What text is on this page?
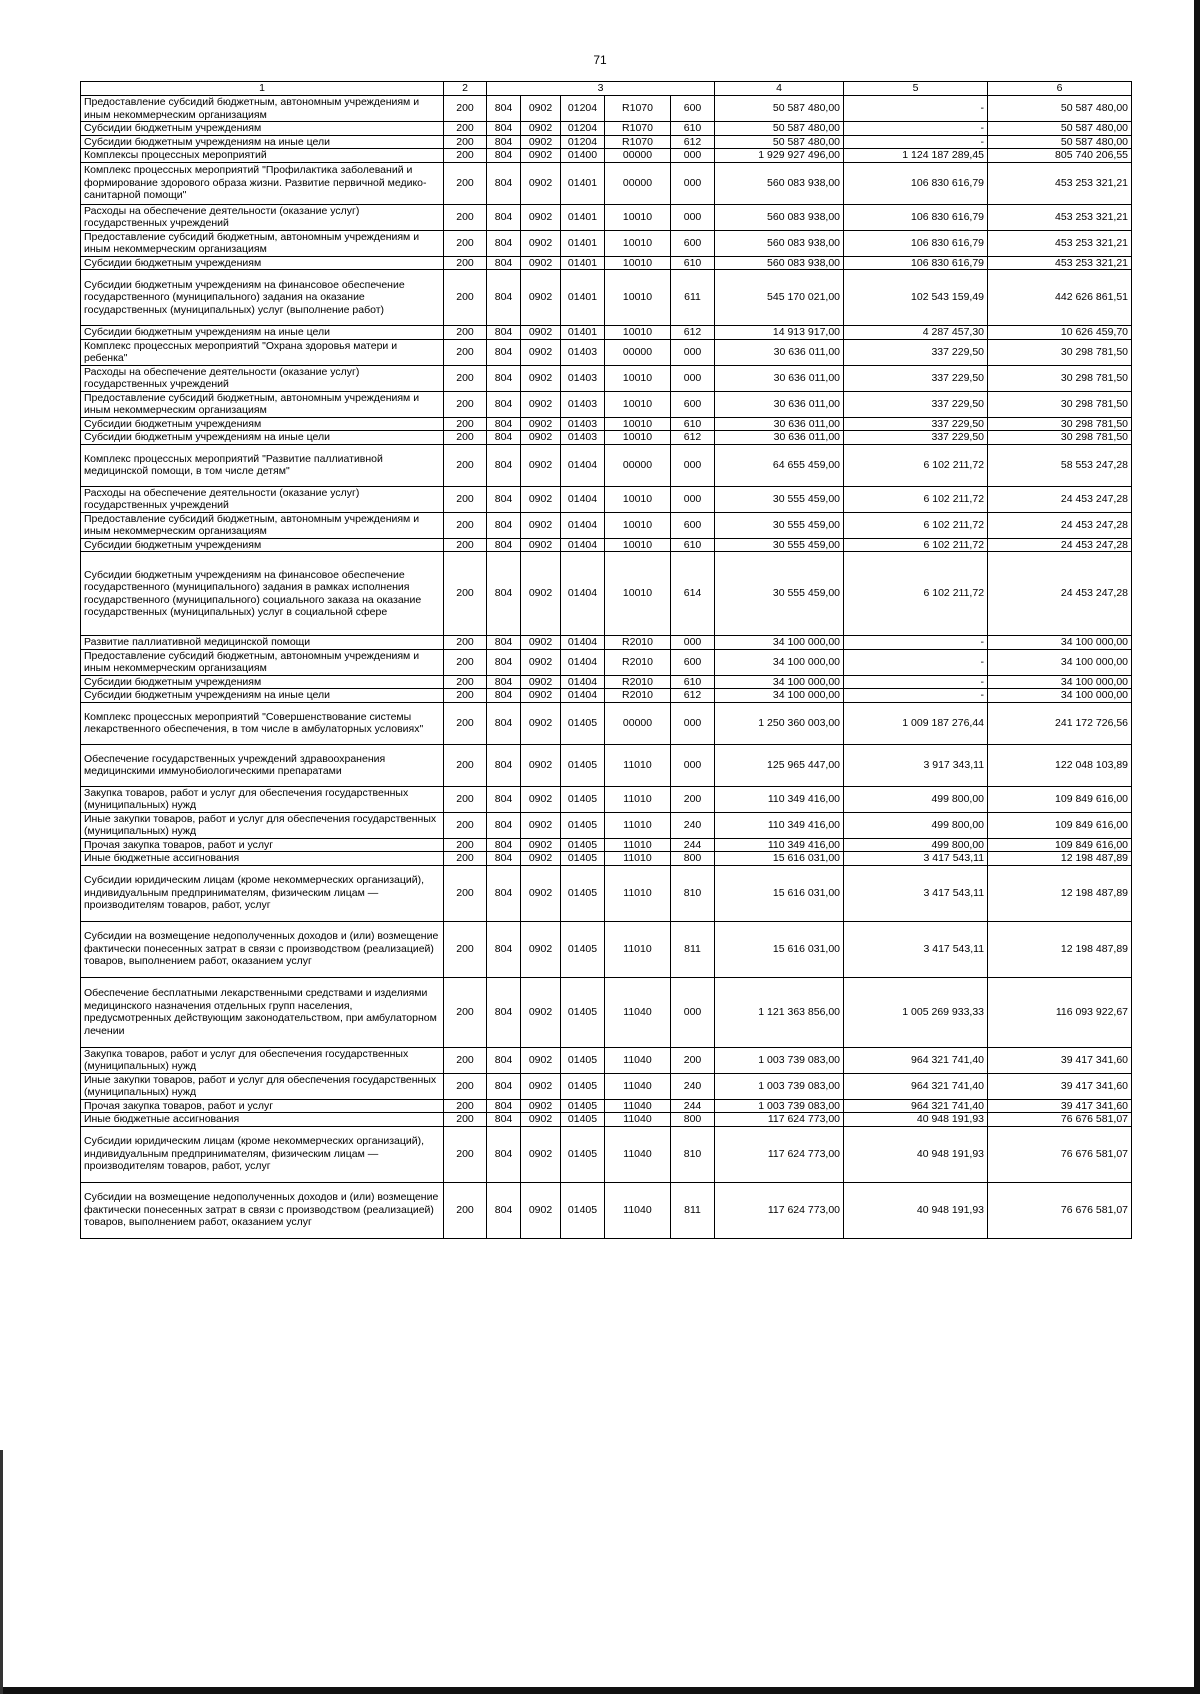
71
1	2	3					4	5	6
Предоставление субсидий бюджетным, автономным учреждениям и иным некоммерческим организациям	200	804	0902	01204	R1070	600	50 587 480,00	-	50 587 480,00
Субсидии бюджетным учреждениям	200	804	0902	01204	R1070	610	50 587 480,00	-	50 587 480,00
Субсидии бюджетным учреждениям на иные цели	200	804	0902	01204	R1070	612	50 587 480,00	-	50 587 480,00
Комплексы процессных мероприятий	200	804	0902	01400	00000	000	1 929 927 496,00	1 124 187 289,45	805 740 206,55
Комплекс процессных мероприятий "Профилактика заболеваний и формирование здорового образа жизни. Развитие первичной медико-санитарной помощи"	200	804	0902	01401	00000	000	560 083 938,00	106 830 616,79	453 253 321,21
Расходы на обеспечение деятельности (оказание услуг) государственных учреждений	200	804	0902	01401	10010	000	560 083 938,00	106 830 616,79	453 253 321,21
Предоставление субсидий бюджетным, автономным учреждениям и иным некоммерческим организациям	200	804	0902	01401	10010	600	560 083 938,00	106 830 616,79	453 253 321,21
Субсидии бюджетным учреждениям	200	804	0902	01401	10010	610	560 083 938,00	106 830 616,79	453 253 321,21
Субсидии бюджетным учреждениям на финансовое обеспечение государственного (муниципального) задания на оказание государственных (муниципальных) услуг (выполнение работ)	200	804	0902	01401	10010	611	545 170 021,00	102 543 159,49	442 626 861,51
Субсидии бюджетным учреждениям на иные цели	200	804	0902	01401	10010	612	14 913 917,00	4 287 457,30	10 626 459,70
Комплекс процессных мероприятий "Охрана здоровья матери и ребенка"	200	804	0902	01403	00000	000	30 636 011,00	337 229,50	30 298 781,50
Расходы на обеспечение деятельности (оказание услуг) государственных учреждений	200	804	0902	01403	10010	000	30 636 011,00	337 229,50	30 298 781,50
Предоставление субсидий бюджетным, автономным учреждениям и иным некоммерческим организациям	200	804	0902	01403	10010	600	30 636 011,00	337 229,50	30 298 781,50
Субсидии бюджетным учреждениям	200	804	0902	01403	10010	610	30 636 011,00	337 229,50	30 298 781,50
Субсидии бюджетным учреждениям на иные цели	200	804	0902	01403	10010	612	30 636 011,00	337 229,50	30 298 781,50
Комплекс процессных мероприятий "Развитие паллиативной медицинской помощи, в том числе детям"	200	804	0902	01404	00000	000	64 655 459,00	6 102 211,72	58 553 247,28
Расходы на обеспечение деятельности (оказание услуг) государственных учреждений	200	804	0902	01404	10010	000	30 555 459,00	6 102 211,72	24 453 247,28
Предоставление субсидий бюджетным, автономным учреждениям и иным некоммерческим организациям	200	804	0902	01404	10010	600	30 555 459,00	6 102 211,72	24 453 247,28
Субсидии бюджетным учреждениям	200	804	0902	01404	10010	610	30 555 459,00	6 102 211,72	24 453 247,28
Субсидии бюджетным учреждениям на финансовое обеспечение государственного (муниципального) задания в рамках исполнения государственного (муниципального) социального заказа на оказание государственных (муниципальных) услуг в социальной сфере	200	804	0902	01404	10010	614	30 555 459,00	6 102 211,72	24 453 247,28
Развитие паллиативной медицинской помощи	200	804	0902	01404	R2010	000	34 100 000,00	-	34 100 000,00
Предоставление субсидий бюджетным, автономным учреждениям и иным некоммерческим организациям	200	804	0902	01404	R2010	600	34 100 000,00	-	34 100 000,00
Субсидии бюджетным учреждениям	200	804	0902	01404	R2010	610	34 100 000,00	-	34 100 000,00
Субсидии бюджетным учреждениям на иные цели	200	804	0902	01404	R2010	612	34 100 000,00	-	34 100 000,00
Комплекс процессных мероприятий "Совершенствование системы лекарственного обеспечения, в том числе в амбулаторных условиях"	200	804	0902	01405	00000	000	1 250 360 003,00	1 009 187 276,44	241 172 726,56
Обеспечение государственных учреждений здравоохранения медицинскими иммунобиологическими препаратами	200	804	0902	01405	11010	000	125 965 447,00	3 917 343,11	122 048 103,89
Закупка товаров, работ и услуг для обеспечения государственных (муниципальных) нужд	200	804	0902	01405	11010	200	110 349 416,00	499 800,00	109 849 616,00
Иные закупки товаров, работ и услуг для обеспечения государственных (муниципальных) нужд	200	804	0902	01405	11010	240	110 349 416,00	499 800,00	109 849 616,00
Прочая закупка товаров, работ и услуг	200	804	0902	01405	11010	244	110 349 416,00	499 800,00	109 849 616,00
Иные бюджетные ассигнования	200	804	0902	01405	11010	800	15 616 031,00	3 417 543,11	12 198 487,89
Субсидии юридическим лицам (кроме некоммерческих организаций), индивидуальным предпринимателям, физическим лицам — производителям товаров, работ, услуг	200	804	0902	01405	11010	810	15 616 031,00	3 417 543,11	12 198 487,89
Субсидии на возмещение недополученных доходов и (или) возмещение фактически понесенных затрат в связи с производством (реализацией) товаров, выполнением работ, оказанием услуг	200	804	0902	01405	11010	811	15 616 031,00	3 417 543,11	12 198 487,89
Обеспечение бесплатными лекарственными средствами и изделиями медицинского назначения отдельных групп населения, предусмотренных действующим законодательством, при амбулаторном лечении	200	804	0902	01405	11040	000	1 121 363 856,00	1 005 269 933,33	116 093 922,67
Закупка товаров, работ и услуг для обеспечения государственных (муниципальных) нужд	200	804	0902	01405	11040	200	1 003 739 083,00	964 321 741,40	39 417 341,60
Иные закупки товаров, работ и услуг для обеспечения государственных (муниципальных) нужд	200	804	0902	01405	11040	240	1 003 739 083,00	964 321 741,40	39 417 341,60
Прочая закупка товаров, работ и услуг	200	804	0902	01405	11040	244	1 003 739 083,00	964 321 741,40	39 417 341,60
Иные бюджетные ассигнования	200	804	0902	01405	11040	800	117 624 773,00	40 948 191,93	76 676 581,07
Субсидии юридическим лицам (кроме некоммерческих организаций), индивидуальным предпринимателям, физическим лицам — производителям товаров, работ, услуг	200	804	0902	01405	11040	810	117 624 773,00	40 948 191,93	76 676 581,07
Субсидии на возмещение недополученных доходов и (или) возмещение фактически понесенных затрат в связи с производством (реализацией) товаров, выполнением работ, оказанием услуг	200	804	0902	01405	11040	811	117 624 773,00	40 948 191,93	76 676 581,07
